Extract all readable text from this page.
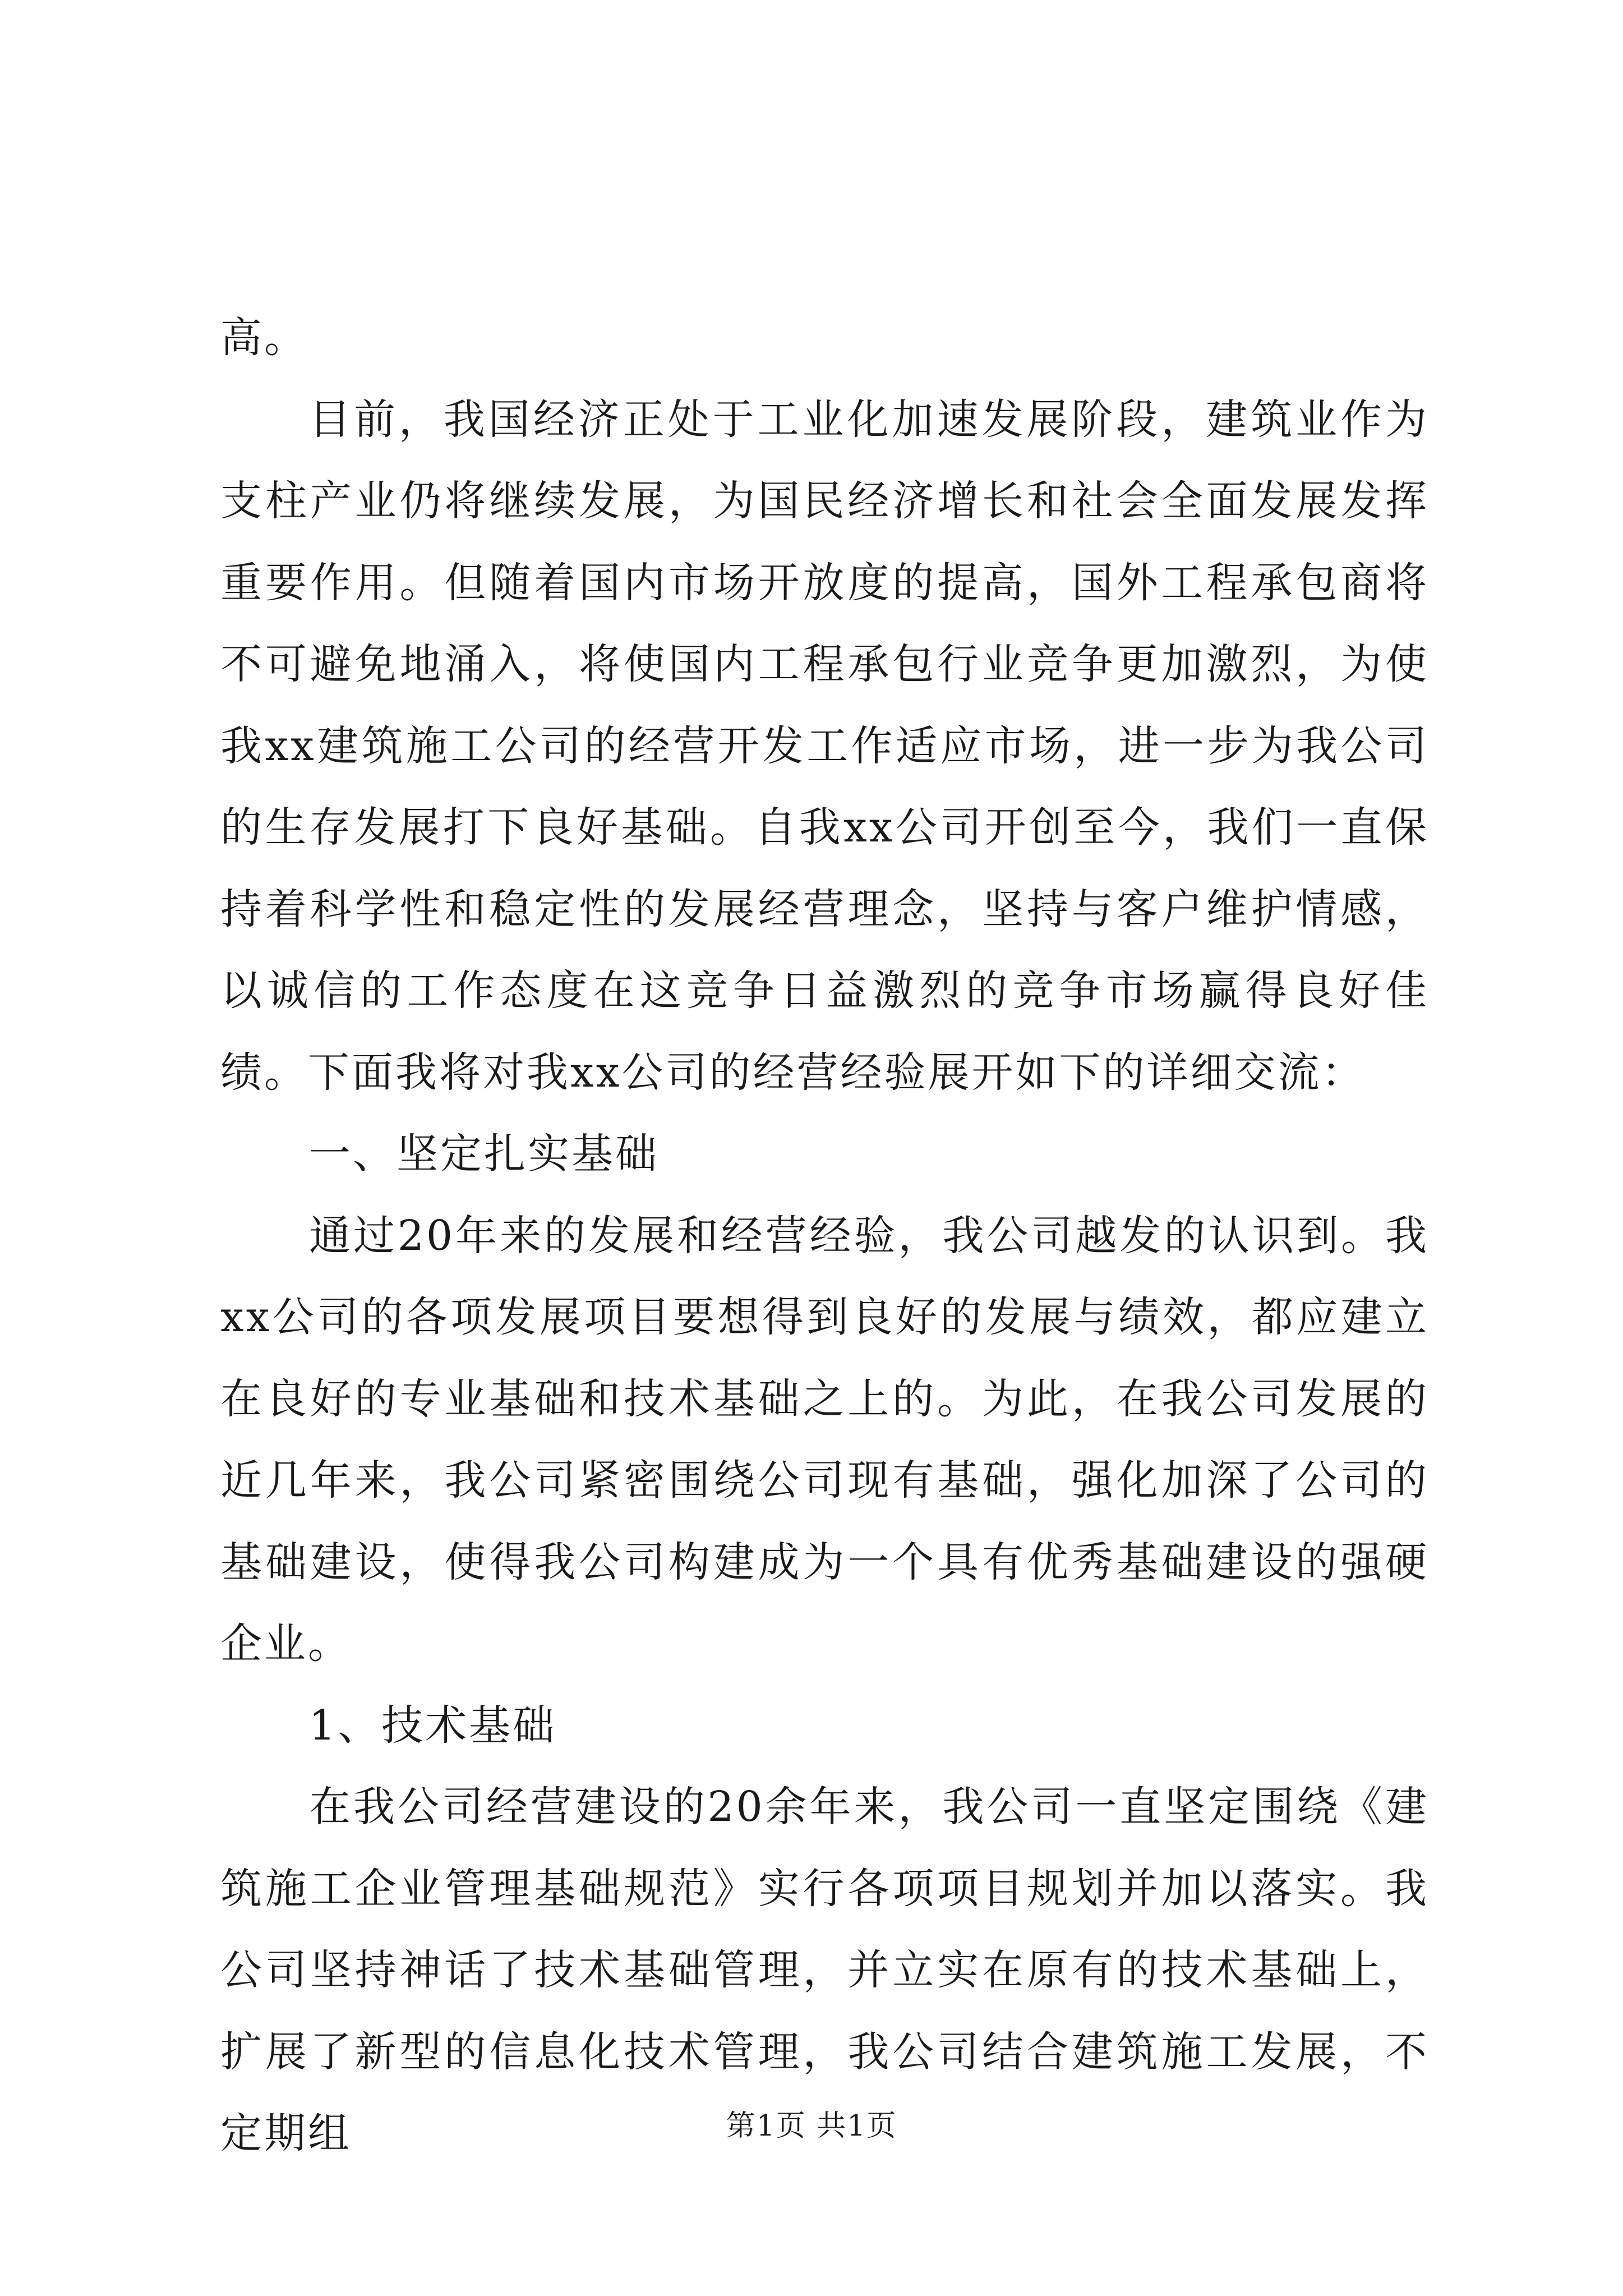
高。

目前，我国经济正处于工业化加速发展阶段，建筑业作为支柱产业仍将继续发展，为国民经济增长和社会全面发展发挥重要作用。但随着国内市场开放度的提高，国外工程承包商将不可避免地涌入，将使国内工程承包行业竞争更加激烈，为使我xx建筑施工公司的经营开发工作适应市场，进一步为我公司的生存发展打下良好基础。自我xx公司开创至今，我们一直保持着科学性和稳定性的发展经营理念，坚持与客户维护情感，以诚信的工作态度在这竞争日益激烈的竞争市场赢得良好佳绩。下面我将对我xx公司的经营经验展开如下的详细交流：

一、坚定扎实基础

通过20年来的发展和经营经验，我公司越发的认识到。我xx公司的各项发展项目要想得到良好的发展与绩效，都应建立在良好的专业基础和技术基础之上的。为此，在我公司发展的近几年来，我公司紧密围绕公司现有基础，强化加深了公司的基础建设，使得我公司构建成为一个具有优秀基础建设的强硬企业。

1、技术基础

在我公司经营建设的20余年来，我公司一直坚定围绕《建筑施工企业管理基础规范》实行各项项目规划并加以落实。我公司坚持神话了技术基础管理，并立实在原有的技术基础上，扩展了新型的信息化技术管理，我公司结合建筑施工发展，不定期组	第1页 共1页
